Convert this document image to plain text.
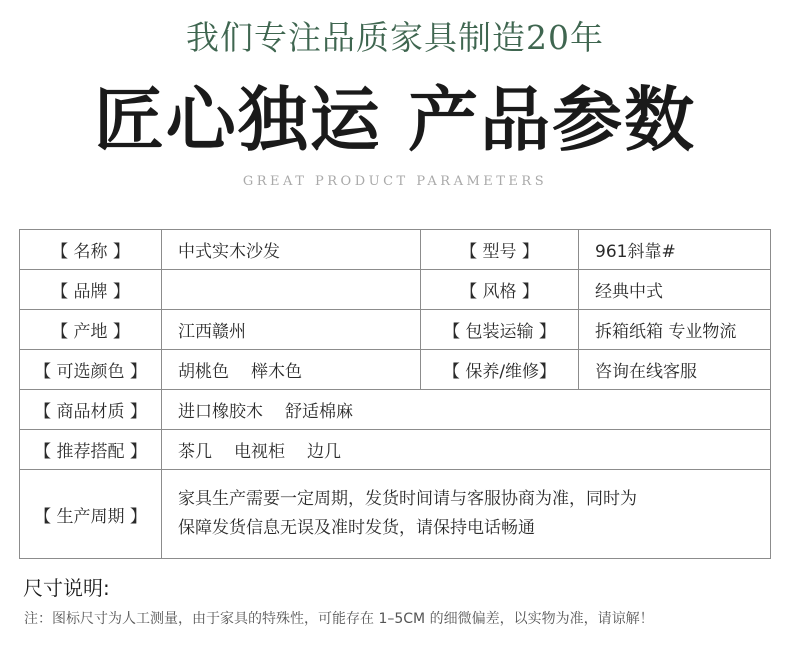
我们专注品质家具制造20年
匠心独运 产品参数
GREAT PRODUCT PARAMETERS
【 名称 】	中式实木沙发	【 型号 】	961斜靠#
【 品牌 】		【 风格 】	经典中式
【 产地 】	江西赣州	【 包装运输 】	拆箱纸箱 专业物流
【 可选颜色 】	胡桃色 榉木色	【 保养/维修】	咨询在线客服
【 商品材质 】	进口橡胶木 舒适棉麻		
【 推荐搭配 】	茶几 电视柜 边几		
【 生产周期 】	家具生产需要一定周期，发货时间请与客服协商为准，同时为
保障发货信息无误及准时发货，请保持电话畅通		
尺寸说明:
注：图标尺寸为人工测量，由于家具的特殊性，可能存在 1–5CM 的细微偏差，以实物为准，请谅解！
